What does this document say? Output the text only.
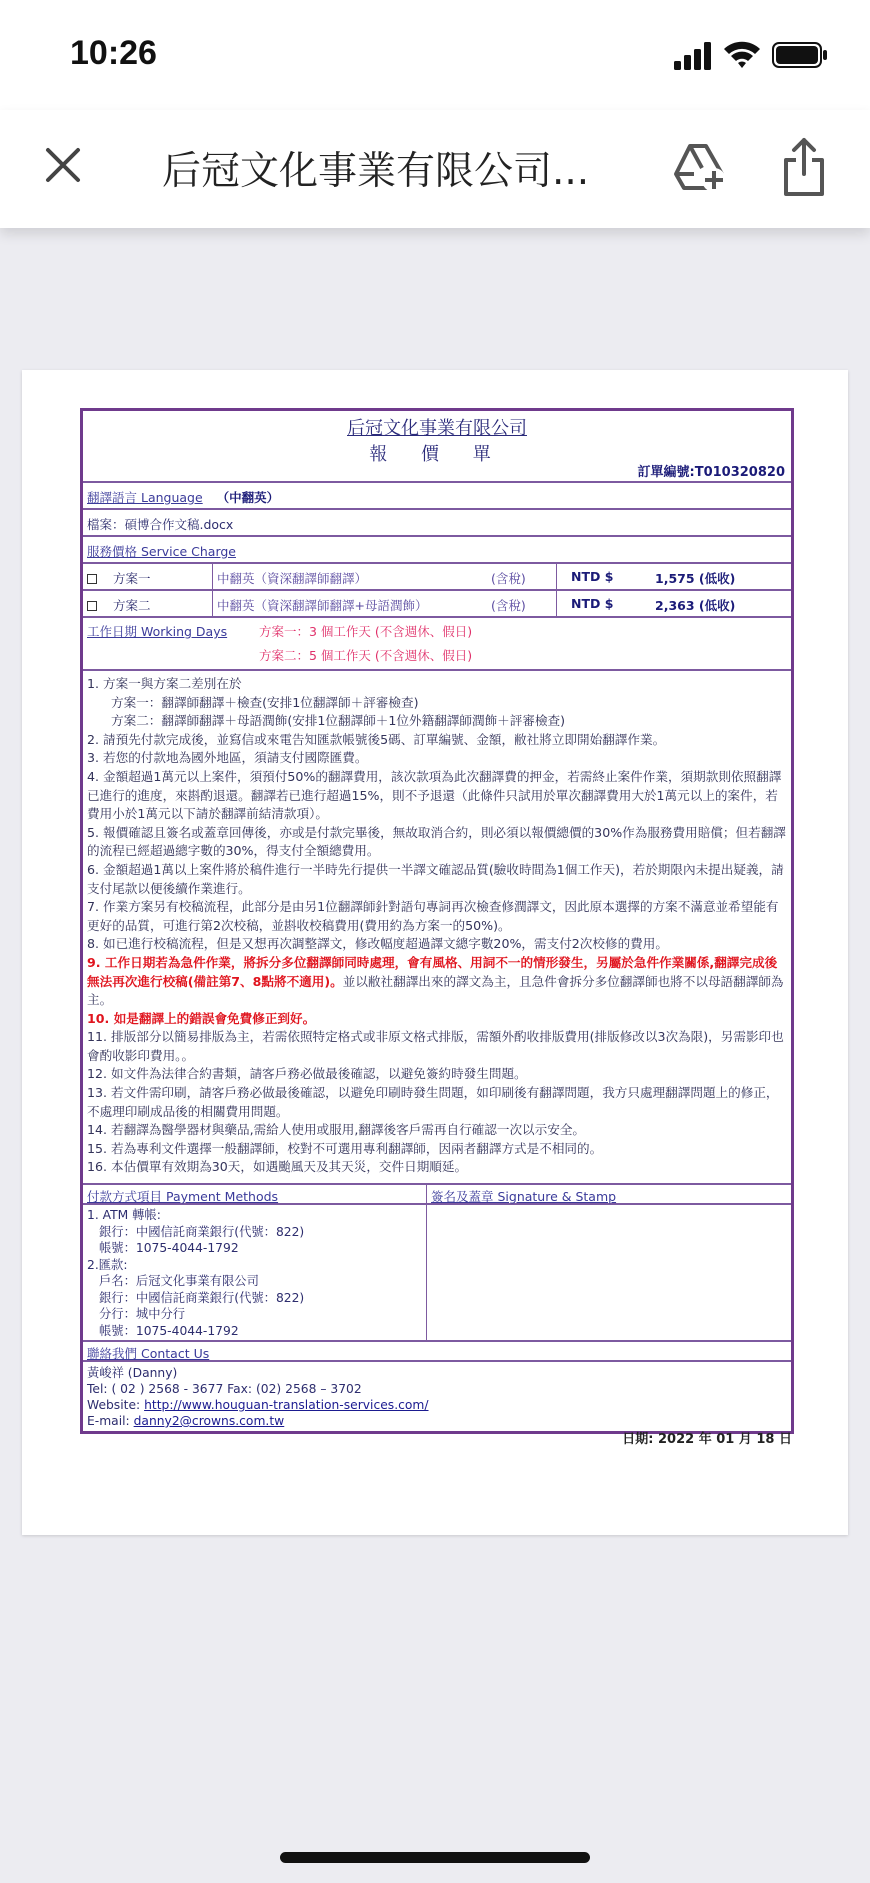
10:26
后冠文化事業有限公司...
后冠文化事業有限公司
報 價 單
訂單編號:T010320820
翻譯語言 Language （中翻英）
檔案：碩博合作文稿.docx
服務價格 Service Charge
方案一	中翻英（資深翻譯師翻譯）	(含稅)	NTD $	1,575 (低收)
方案二	中翻英（資深翻譯師翻譯+母語潤飾）	(含稅)	NTD $	2,363 (低收)
工作日期 Working Days	方案一：3 個工作天 (不含週休、假日)
方案二：5 個工作天 (不含週休、假日)
1. 方案一與方案二差別在於
方案一：翻譯師翻譯＋檢查(安排1位翻譯師＋評審檢查)
方案二：翻譯師翻譯＋母語潤飾(安排1位翻譯師＋1位外籍翻譯師潤飾＋評審檢查)
2. 請預先付款完成後，並寫信或來電告知匯款帳號後5碼、訂單編號、金額，敝社將立即開始翻譯作業。
3. 若您的付款地為國外地區，須請支付國際匯費。
4. 金額超過1萬元以上案件，須預付50%的翻譯費用，該次款項為此次翻譯費的押金，若需終止案件作業，須期款則依照翻譯已進行的進度，來斟酌退還。翻譯若已進行超過15%，則不予退還（此條件只試用於單次翻譯費用大於1萬元以上的案件，若費用小於1萬元以下請於翻譯前結清款項）。
5. 報價確認且簽名或蓋章回傳後，亦或是付款完畢後，無故取消合約，則必須以報價總價的30%作為服務費用賠償；但若翻譯的流程已經超過總字數的30%，得支付全額總費用。
6. 金額超過1萬以上案件將於稿件進行一半時先行提供一半譯文確認品質(驗收時間為1個工作天)，若於期限內未提出疑義，請支付尾款以便後續作業進行。
7. 作業方案另有校稿流程，此部分是由另1位翻譯師針對語句專詞再次檢查修潤譯文，因此原本選擇的方案不滿意並希望能有更好的品質，可進行第2次校稿，並斟收校稿費用(費用約為方案一的50%)。
8. 如已進行校稿流程，但是又想再次調整譯文，修改幅度超過譯文總字數20%，需支付2次校修的費用。
9. 工作日期若為急件作業，將拆分多位翻譯師同時處理，會有風格、用詞不一的情形發生，另屬於急件作業關係,翻譯完成後無法再次進行校稿(備註第7、8點將不適用)。並以敝社翻譯出來的譯文為主，且急件會拆分多位翻譯師也將不以母語翻譯師為主。
10. 如是翻譯上的錯誤會免費修正到好。
11. 排版部分以簡易排版為主，若需依照特定格式或非原文格式排版，需額外酌收排版費用(排版修改以3次為限)，另需影印也會酌收影印費用。。
12. 如文件為法律合約書類，請客戶務必做最後確認，以避免簽約時發生問題。
13. 若文件需印刷，請客戶務必做最後確認，以避免印刷時發生問題，如印刷後有翻譯問題，我方只處理翻譯問題上的修正，不處理印刷成品後的相關費用問題。
14. 若翻譯為醫學器材與藥品,需給人使用或服用,翻譯後客戶需再自行確認一次以示安全。
15. 若為專利文件選擇一般翻譯師，校對不可選用專利翻譯師，因兩者翻譯方式是不相同的。
16. 本估價單有效期為30天，如遇颱風天及其天災，交件日期順延。
付款方式項目 Payment Methods	簽名及蓋章 Signature & Stamp
1. ATM 轉帳:
銀行：中國信託商業銀行(代號：822)
帳號：1075-4044-1792
2.匯款:
戶名：后冠文化事業有限公司
銀行：中國信託商業銀行(代號：822)
分行：城中分行
帳號：1075-4044-1792
聯絡我們 Contact Us
黃峻祥 (Danny)
Tel: ( 02 ) 2568 - 3677 Fax: (02) 2568 – 3702
Website: http://www.houguan-translation-services.com/
E-mail: danny2@crowns.com.tw
日期: 2022 年 01 月 18 日
